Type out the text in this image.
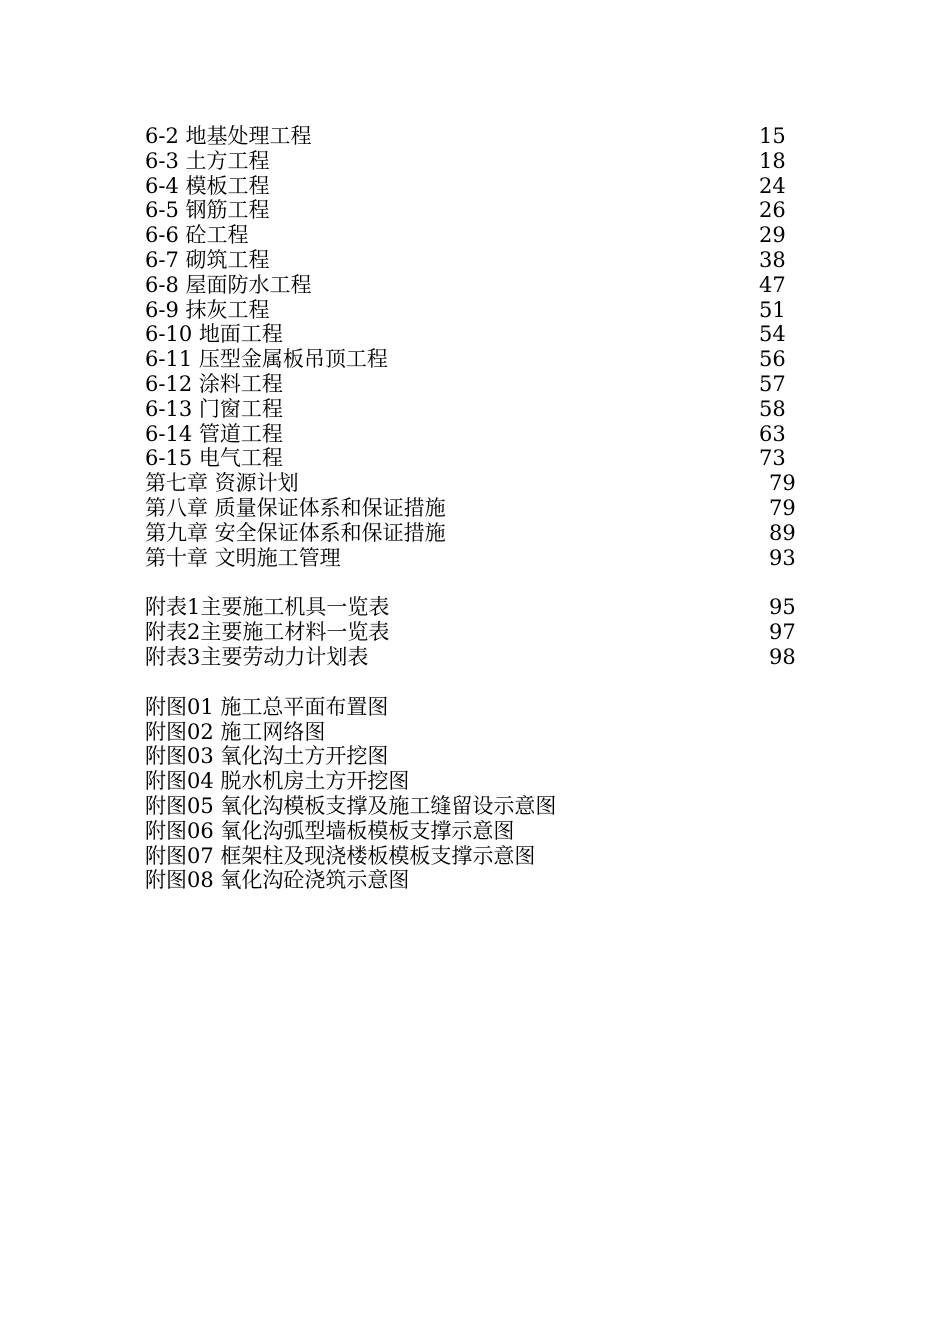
6-2 地基处理工程	15
6-3 土方工程	18
6-4 模板工程	24
6-5 钢筋工程	26
6-6 砼工程	29
6-7 砌筑工程	38
6-8 屋面防水工程	47
6-9 抹灰工程	51
6-10 地面工程	54
6-11 压型金属板吊顶工程	56
6-12 涂料工程	57
6-13 门窗工程	58
6-14 管道工程	63
6-15 电气工程	73
第七章 资源计划	79
第八章 质量保证体系和保证措施	79
第九章 安全保证体系和保证措施	89
第十章 文明施工管理	93
附表1主要施工机具一览表	95
附表2主要施工材料一览表	97
附表3主要劳动力计划表	98
附图01 施工总平面布置图
附图02 施工网络图
附图03 氧化沟土方开挖图
附图04 脱水机房土方开挖图
附图05 氧化沟模板支撑及施工缝留设示意图
附图06 氧化沟弧型墙板模板支撑示意图
附图07 框架柱及现浇楼板模板支撑示意图
附图08 氧化沟砼浇筑示意图
